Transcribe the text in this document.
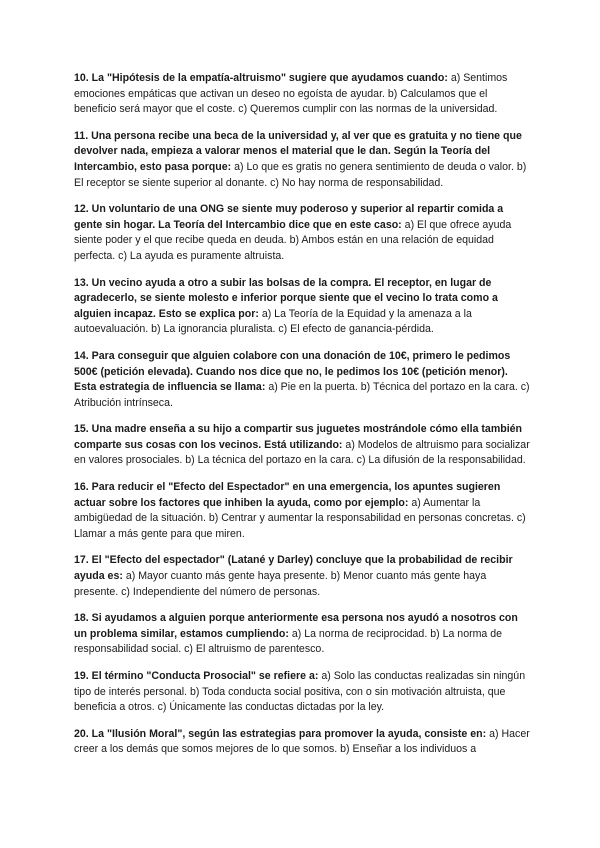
10. La "Hipótesis de la empatía-altruismo" sugiere que ayudamos cuando: a) Sentimos emociones empáticas que activan un deseo no egoísta de ayudar. b) Calculamos que el beneficio será mayor que el coste. c) Queremos cumplir con las normas de la universidad.

11. Una persona recibe una beca de la universidad y, al ver que es gratuita y no tiene que devolver nada, empieza a valorar menos el material que le dan. Según la Teoría del Intercambio, esto pasa porque: a) Lo que es gratis no genera sentimiento de deuda o valor. b) El receptor se siente superior al donante. c) No hay norma de responsabilidad.

12. Un voluntario de una ONG se siente muy poderoso y superior al repartir comida a gente sin hogar. La Teoría del Intercambio dice que en este caso: a) El que ofrece ayuda siente poder y el que recibe queda en deuda. b) Ambos están en una relación de equidad perfecta. c) La ayuda es puramente altruista.

13. Un vecino ayuda a otro a subir las bolsas de la compra. El receptor, en lugar de agradecerlo, se siente molesto e inferior porque siente que el vecino lo trata como a alguien incapaz. Esto se explica por: a) La Teoría de la Equidad y la amenaza a la autoevaluación. b) La ignorancia pluralista. c) El efecto de ganancia-pérdida.

14. Para conseguir que alguien colabore con una donación de 10€, primero le pedimos 500€ (petición elevada). Cuando nos dice que no, le pedimos los 10€ (petición menor). Esta estrategia de influencia se llama: a) Pie en la puerta. b) Técnica del portazo en la cara. c) Atribución intrínseca.

15. Una madre enseña a su hijo a compartir sus juguetes mostrándole cómo ella también comparte sus cosas con los vecinos. Está utilizando: a) Modelos de altruismo para socializar en valores prosociales. b) La técnica del portazo en la cara. c) La difusión de la responsabilidad.

16. Para reducir el "Efecto del Espectador" en una emergencia, los apuntes sugieren actuar sobre los factores que inhiben la ayuda, como por ejemplo: a) Aumentar la ambigüedad de la situación. b) Centrar y aumentar la responsabilidad en personas concretas. c) Llamar a más gente para que miren.

17. El "Efecto del espectador" (Latané y Darley) concluye que la probabilidad de recibir ayuda es: a) Mayor cuanto más gente haya presente. b) Menor cuanto más gente haya presente. c) Independiente del número de personas.

18. Si ayudamos a alguien porque anteriormente esa persona nos ayudó a nosotros con un problema similar, estamos cumpliendo: a) La norma de reciprocidad. b) La norma de responsabilidad social. c) El altruismo de parentesco.

19. El término "Conducta Prosocial" se refiere a: a) Solo las conductas realizadas sin ningún tipo de interés personal. b) Toda conducta social positiva, con o sin motivación altruista, que beneficia a otros. c) Únicamente las conductas dictadas por la ley.

20. La "Ilusión Moral", según las estrategias para promover la ayuda, consiste en: a) Hacer creer a los demás que somos mejores de lo que somos. b) Enseñar a los individuos a
